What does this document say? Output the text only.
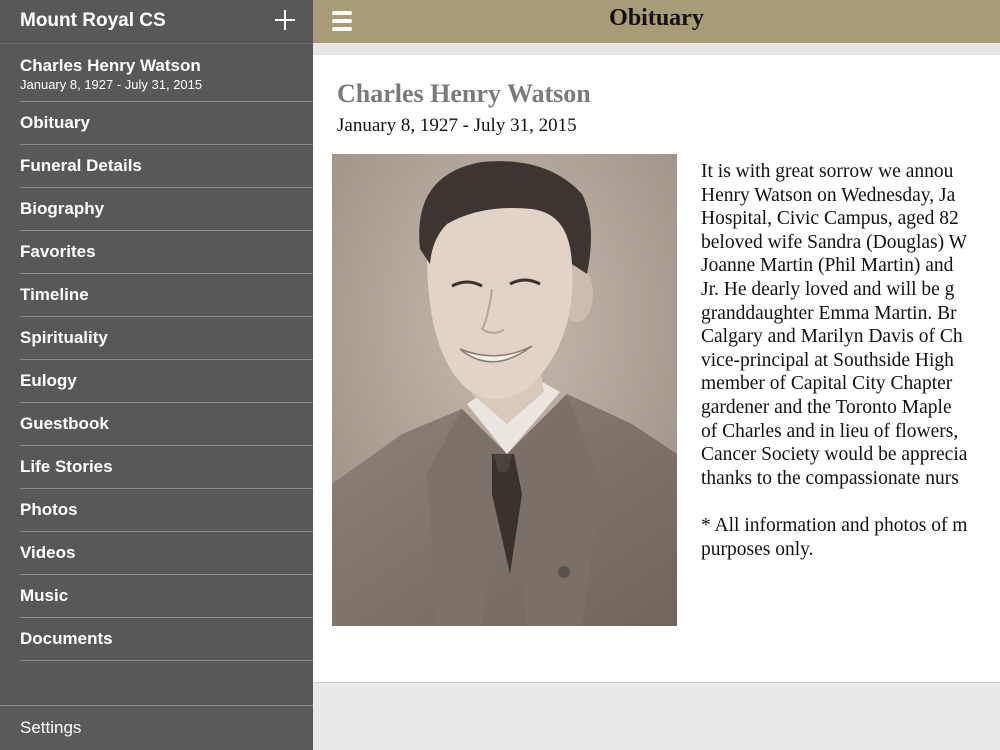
Mount Royal CS
Charles Henry Watson
January 8, 1927 - July 31, 2015
Obituary
Funeral Details
Biography
Favorites
Timeline
Spirituality
Eulogy
Guestbook
Life Stories
Photos
Videos
Music
Documents
Settings
Obituary
Charles Henry Watson
January 8, 1927 - July 31, 2015
It is with great sorrow we annou
Henry Watson on Wednesday, Ja
Hospital, Civic Campus, aged 82
beloved wife Sandra (Douglas) W
Joanne Martin (Phil Martin) and
Jr. He dearly loved and will be g
granddaughter Emma Martin. Br
Calgary and Marilyn Davis of Ch
vice-principal at Southside High
member of Capital City Chapter
gardener and the Toronto Maple
of Charles and in lieu of flowers,
Cancer Society would be apprecia
thanks to the compassionate nurs
* All information and photos of m
purposes only.
